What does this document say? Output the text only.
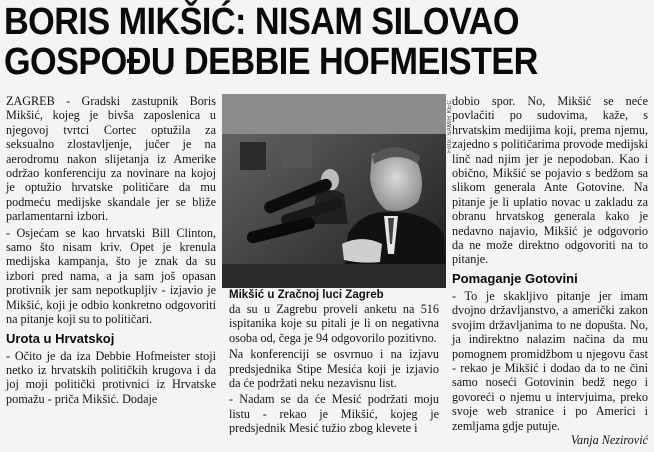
BORIS MIKŠIĆ: NISAM SILOVAO
GOSPOĐU DEBBIE HOFMEISTER

ZAGREB - Gradski zastupnik Boris Mikšić, kojeg je bivša zaposlenica u njegovoj tvrtci Cortec optužila za seksualno zlostavljenje, jučer je na aerodromu nakon slijetanja iz Amerike održao konferenciju za novinare na kojoj je optužio hrvatske političare da mu podmeću medijske skandale jer se bliže parlamentarni izbori.

- Osjećam se kao hrvatski Bill Clinton, samo što nisam kriv. Opet je krenula medijska kampanja, što je znak da su izbori pred nama, a ja sam još opasan protivnik jer sam nepotkupljiv - izjavio je Mikšić, koji je odbio konkretno odgovoriti na pitanje koji su to političari.

Urota u Hrvatskoj

- Očito je da iza Debbie Hofmeister stoji netko iz hrvatskih političkih krugova i da joj moji politički protivnici iz Hrvatske pomažu - priča Mikšić. Dodaje

Foto: SAMIR KEC
Mikšić u Zračnoj luci Zagreb

da su u Zagrebu proveli anketu na 516 ispitanika koje su pitali je li on negativna osoba od, čega je 94 odgovorilo pozitivno.

Na konferenciji se osvrnuo i na izjavu predsjednika Stipe Mesića koji je izjavio da će podržati neku nezavisnu list.

- Nadam se da će Mesić podržati moju listu - rekao je Mikšić, kojeg je predsjednik Mesić tužio zbog klevete i

dobio spor. No, Mikšić se neće povlačiti po sudovima, kaže, s hrvatskim medijima koji, prema njemu, zajedno s političarima provode medijski linč nad njim jer je nepodoban. Kao i obično, Mikšić se pojavio s bedžom sa slikom generala Ante Gotovine. Na pitanje je li uplatio novac u zakladu za obranu hrvatskog generala kako je nedavno najavio, Mikšić je odgovorio da ne može direktno odgovoriti na to pitanje.

Pomaganje Gotovini

- To je skakljivo pitanje jer imam dvojno državljanstvo, a američki zakon svojim državljanima to ne dopušta. No, ja indirektno nalazim načina da mu pomognem promidžbom u njegovu čast - rekao je Mikšić i dodao da to ne čini samo noseći Gotovinin bedž nego i govoreći o njemu u intervjuima, preko svoje web stranice i po Americi i zemljama gdje putuje.

Vanja Nezirović
